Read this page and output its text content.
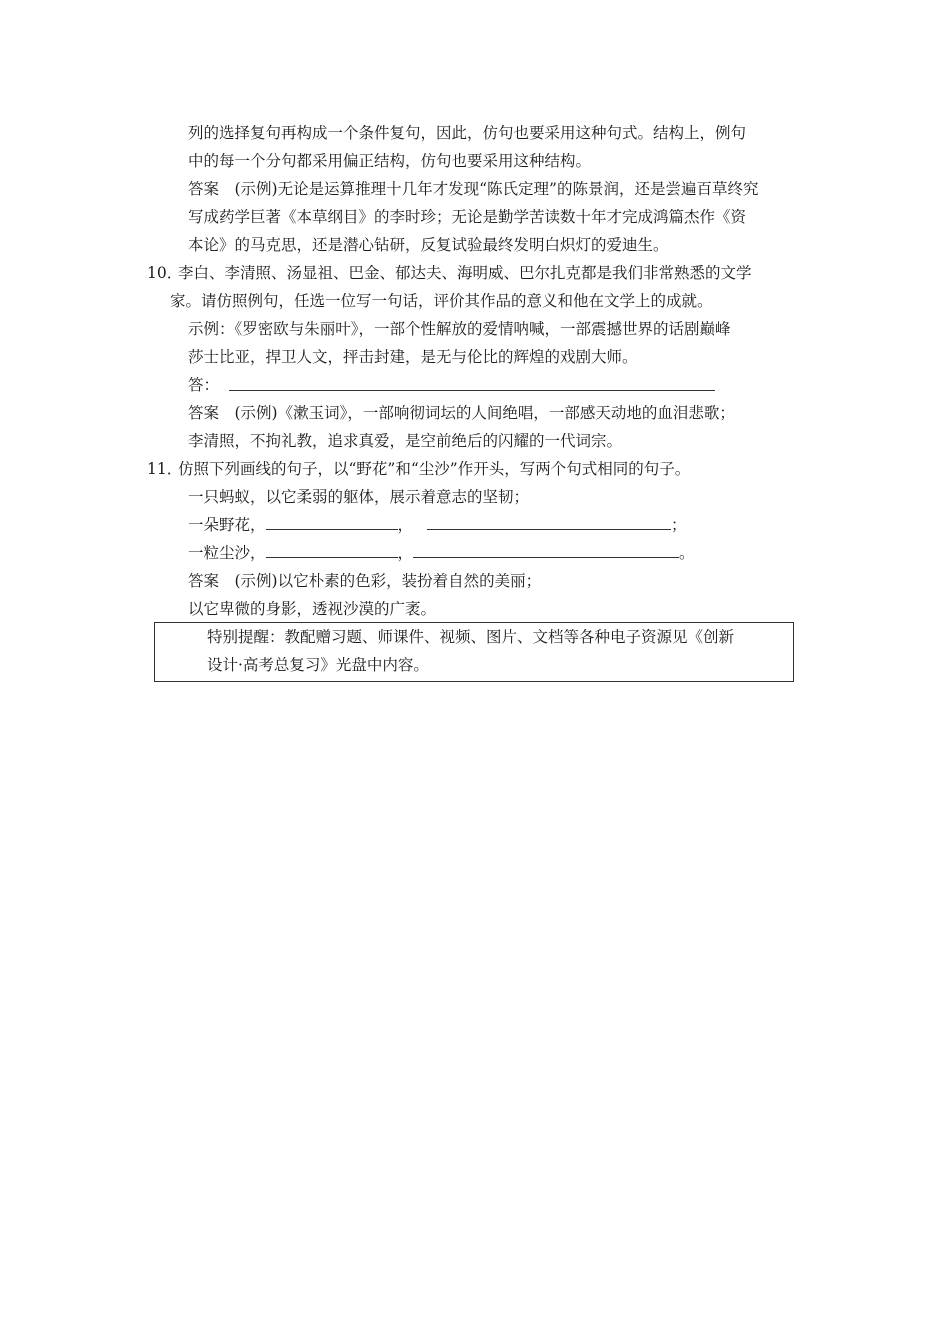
列的选择复句再构成一个条件复句，因此，仿句也要采用这种句式。结构上，例句
中的每一个分句都采用偏正结构，仿句也要采用这种结构。
答案　(示例)无论是运算推理十几年才发现“陈氏定理”的陈景润，还是尝遍百草终究
写成药学巨著《本草纲目》的李时珍；无论是勤学苦读数十年才完成鸿篇杰作《资
本论》的马克思，还是潜心钻研，反复试验最终发明白炽灯的爱迪生。
10．
李白、李清照、汤显祖、巴金、郁达夫、海明威、巴尔扎克都是我们非常熟悉的文学
家。请仿照例句，任选一位写一句话，评价其作品的意义和他在文学上的成就。
示例：《罗密欧与朱丽叶》，一部个性解放的爱情呐喊，一部震撼世界的话剧巅峰
莎士比亚，捍卫人文，抨击封建，是无与伦比的辉煌的戏剧大师。
答：
答案　(示例)《漱玉词》，一部响彻词坛的人间绝唱，一部感天动地的血泪悲歌；
李清照，不拘礼教，追求真爱，是空前绝后的闪耀的一代词宗。
11．
仿照下列画线的句子，以“野花”和“尘沙”作开头，写两个句式相同的句子。
一只蚂蚁，以它柔弱的躯体，展示着意志的坚韧；
一朵野花，	，	；
一粒尘沙，	，	。
答案　(示例)以它朴素的色彩，装扮着自然的美丽；
以它卑微的身影，透视沙漠的广袤。
特别提醒：教配赠习题、师课件、视频、图片、文档等各种电子资源见《创新
设计·高考总复习》光盘中内容。
